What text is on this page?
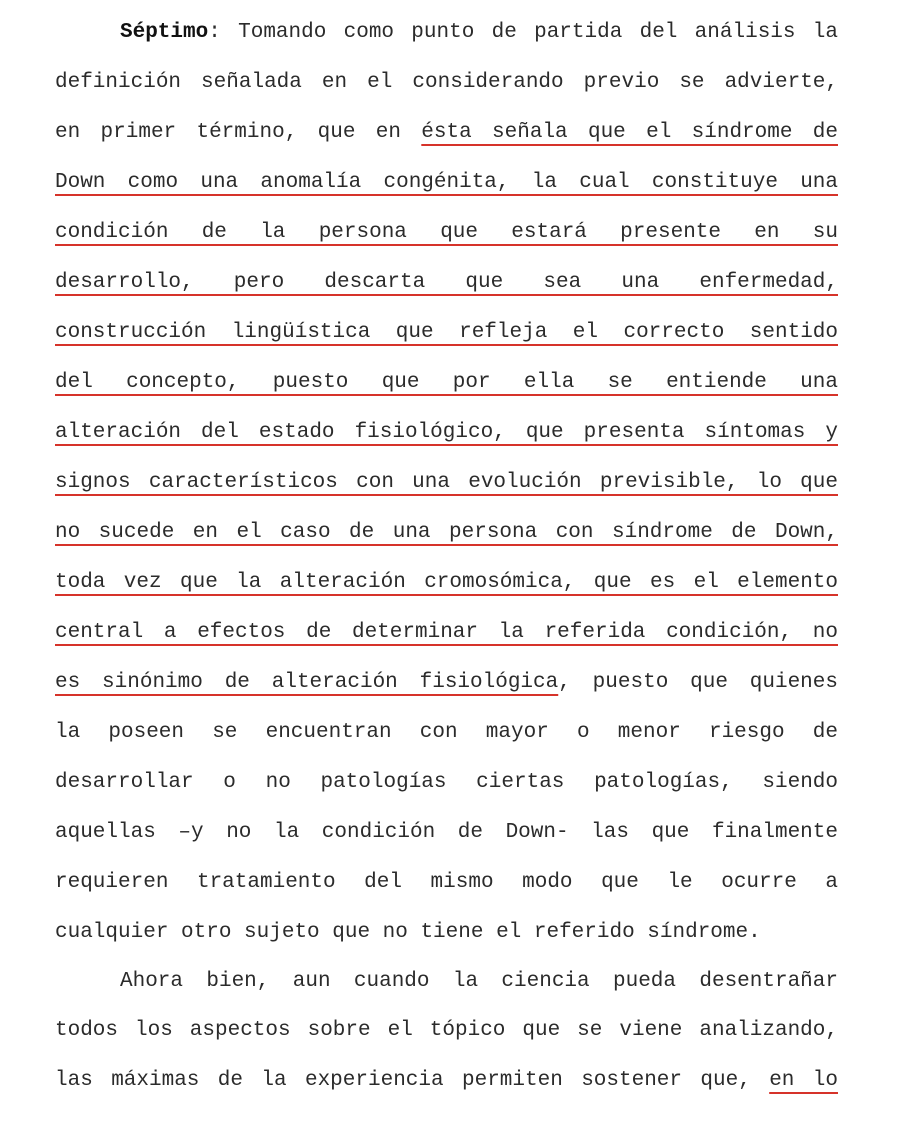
Séptimo: Tomando como punto de partida del análisis la
definición señalada en el considerando previo se advierte,
en primer término, que en ésta señala que el síndrome de
Down como una anomalía congénita, la cual constituye una
condición de la persona que estará presente en su
desarrollo, pero descarta que sea una enfermedad,
construcción lingüística que refleja el correcto sentido
del concepto, puesto que por ella se entiende una
alteración del estado fisiológico, que presenta síntomas y
signos característicos con una evolución previsible, lo que
no sucede en el caso de una persona con síndrome de Down,
toda vez que la alteración cromosómica, que es el elemento
central a efectos de determinar la referida condición, no
es sinónimo de alteración fisiológica, puesto que quienes
la poseen se encuentran con mayor o menor riesgo de
desarrollar o no patologías ciertas patologías, siendo
aquellas –y no la condición de Down- las que finalmente
requieren tratamiento del mismo modo que le ocurre a
cualquier otro sujeto que no tiene el referido síndrome.
Ahora bien, aun cuando la ciencia pueda desentrañar
todos los aspectos sobre el tópico que se viene analizando,
las máximas de la experiencia permiten sostener que, en lo
